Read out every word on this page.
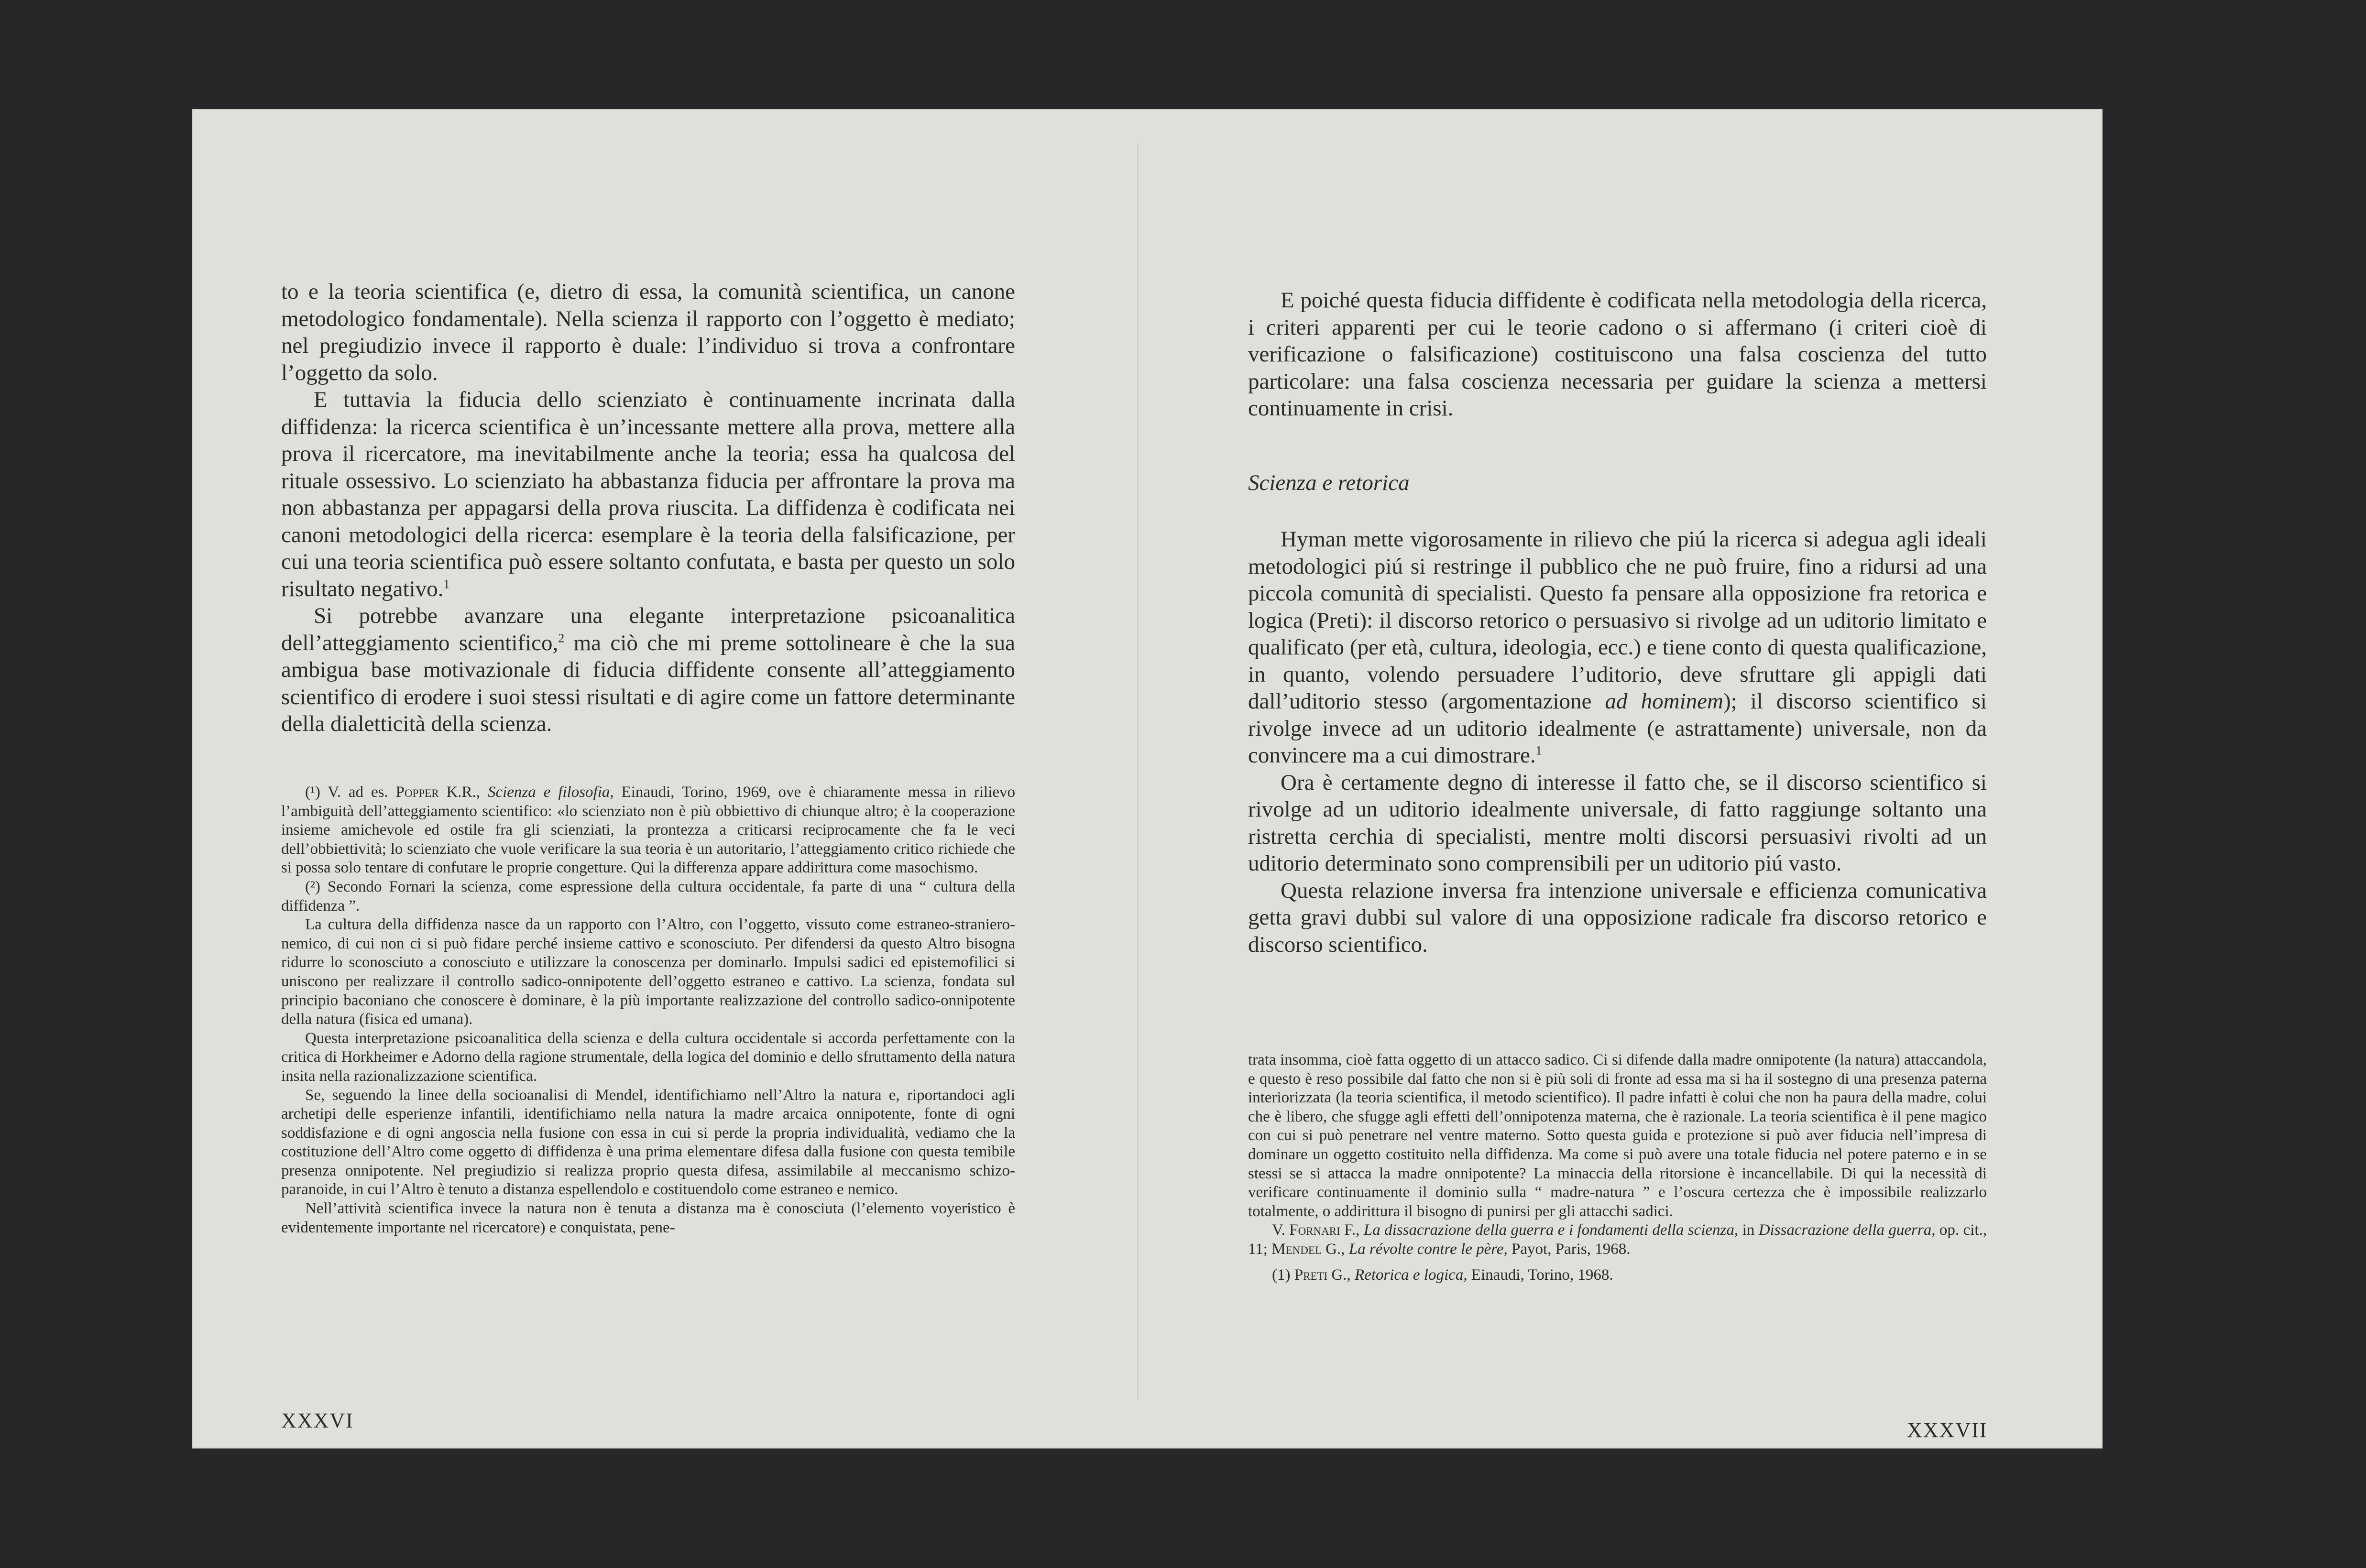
to e la teoria scientifica (e, dietro di essa, la comunità scientifica, un canone metodologico fondamentale). Nella scienza il rapporto con l’oggetto è mediato; nel pregiudizio invece il rapporto è duale: l’individuo si trova a confrontare l’oggetto da solo.

E tuttavia la fiducia dello scienziato è continuamente incrinata dalla diffidenza: la ricerca scientifica è un’incessante mettere alla prova, mettere alla prova il ricercatore, ma inevitabilmente anche la teoria; essa ha qualcosa del rituale ossessivo. Lo scienziato ha abbastanza fiducia per affrontare la prova ma non abbastanza per appagarsi della prova riuscita. La diffidenza è codificata nei canoni metodologici della ricerca: esemplare è la teoria della falsificazione, per cui una teoria scientifica può essere soltanto confutata, e basta per questo un solo risultato negativo.$^1$

Si potrebbe avanzare una elegante interpretazione psicoanalitica dell’atteggiamento scientifico,$^2$ ma ciò che mi preme sottolineare è che la sua ambigua base motivazionale di fiducia diffidente consente all’atteggiamento scientifico di erodere i suoi stessi risultati e di agire come un fattore determinante della dialetticità della scienza.

(¹) V. ad es. Popper K.R., Scienza e filosofia, Einaudi, Torino, 1969, ove è chiaramente messa in rilievo l’ambiguità dell’atteggiamento scientifico: «lo scienziato non è più obbiettivo di chiunque altro; è la cooperazione insieme amichevole ed ostile fra gli scienziati, la prontezza a criticarsi reciprocamente che fa le veci dell’obbiettività; lo scienziato che vuole verificare la sua teoria è un autoritario, l’atteggiamento critico richiede che si possa solo tentare di confutare le proprie congetture. Qui la differenza appare addirittura come masochismo.

(²) Secondo Fornari la scienza, come espressione della cultura occidentale, fa parte di una “ cultura della diffidenza ”.

La cultura della diffidenza nasce da un rapporto con l’Altro, con l’oggetto, vissuto come estraneo-straniero-nemico, di cui non ci si può fidare perché insieme cattivo e sconosciuto. Per difendersi da questo Altro bisogna ridurre lo sconosciuto a conosciuto e utilizzare la conoscenza per dominarlo. Impulsi sadici ed epistemofilici si uniscono per realizzare il controllo sadico-onnipotente dell’oggetto estraneo e cattivo. La scienza, fondata sul principio baconiano che conoscere è dominare, è la più importante realizzazione del controllo sadico-onnipotente della natura (fisica ed umana).

Questa interpretazione psicoanalitica della scienza e della cultura occidentale si accorda perfettamente con la critica di Horkheimer e Adorno della ragione strumentale, della logica del dominio e dello sfruttamento della natura insita nella razionalizzazione scientifica.

Se, seguendo la linee della socioanalisi di Mendel, identifichiamo nell’Altro la natura e, riportandoci agli archetipi delle esperienze infantili, identifichiamo nella natura la madre arcaica onnipotente, fonte di ogni soddisfazione e di ogni angoscia nella fusione con essa in cui si perde la propria individualità, vediamo che la costituzione dell’Altro come oggetto di diffidenza è una prima elementare difesa dalla fusione con questa temibile presenza onnipotente. Nel pregiudizio si realizza proprio questa difesa, assimilabile al meccanismo schizo-paranoide, in cui l’Altro è tenuto a distanza espellendolo e costituendolo come estraneo e nemico.

Nell’attività scientifica invece la natura non è tenuta a distanza ma è conosciuta (l’elemento voyeristico è evidentemente importante nel ricercatore) e conquistata, pene-

XXXVI

E poiché questa fiducia diffidente è codificata nella metodologia della ricerca, i criteri apparenti per cui le teorie cadono o si affermano (i criteri cioè di verificazione o falsificazione) costituiscono una falsa coscienza del tutto particolare: una falsa coscienza necessaria per guidare la scienza a mettersi continuamente in crisi.

Scienza e retorica

Hyman mette vigorosamente in rilievo che piú la ricerca si adegua agli ideali metodologici piú si restringe il pubblico che ne può fruire, fino a ridursi ad una piccola comunità di specialisti. Questo fa pensare alla opposizione fra retorica e logica (Preti): il discorso retorico o persuasivo si rivolge ad un uditorio limitato e qualificato (per età, cultura, ideologia, ecc.) e tiene conto di questa qualificazione, in quanto, volendo persuadere l’uditorio, deve sfruttare gli appigli dati dall’uditorio stesso (argomentazione ad hominem); il discorso scientifico si rivolge invece ad un uditorio idealmente (e astrattamente) universale, non da convincere ma a cui dimostrare.$^1$

Ora è certamente degno di interesse il fatto che, se il discorso scientifico si rivolge ad un uditorio idealmente universale, di fatto raggiunge soltanto una ristretta cerchia di specialisti, mentre molti discorsi persuasivi rivolti ad un uditorio determinato sono comprensibili per un uditorio piú vasto.

Questa relazione inversa fra intenzione universale e efficienza comunicativa getta gravi dubbi sul valore di una opposizione radicale fra discorso retorico e discorso scientifico.

trata insomma, cioè fatta oggetto di un attacco sadico. Ci si difende dalla madre onnipotente (la natura) attaccandola, e questo è reso possibile dal fatto che non si è più soli di fronte ad essa ma si ha il sostegno di una presenza paterna interiorizzata (la teoria scientifica, il metodo scientifico). Il padre infatti è colui che non ha paura della madre, colui che è libero, che sfugge agli effetti dell’onnipotenza materna, che è razionale. La teoria scientifica è il pene magico con cui si può penetrare nel ventre materno. Sotto questa guida e protezione si può aver fiducia nell’impresa di dominare un oggetto costituito nella diffidenza. Ma come si può avere una totale fiducia nel potere paterno e in se stessi se si attacca la madre onnipotente? La minaccia della ritorsione è incancellabile. Di qui la necessità di verificare continuamente il dominio sulla “ madre-natura ” e l’oscura certezza che è impossibile realizzarlo totalmente, o addirittura il bisogno di punirsi per gli attacchi sadici.

V. Fornari F., La dissacrazione della guerra e i fondamenti della scienza, in Dissacrazione della guerra, op. cit., 11; Mendel G., La révolte contre le père, Payot, Paris, 1968.

(1) Preti G., Retorica e logica, Einaudi, Torino, 1968.

XXXVII
